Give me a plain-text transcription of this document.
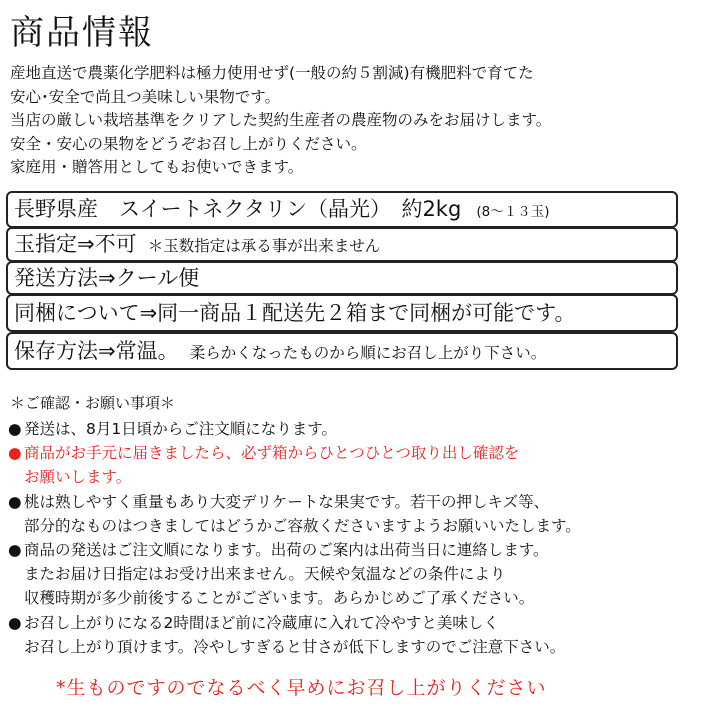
商品情報
産地直送で農薬化学肥料は極力使用せず(一般の約５割減)有機肥料で育てた
安心･安全で尚且つ美味しい果物です。
当店の厳しい栽培基準をクリアした契約生産者の農産物のみをお届けします。
安全・安心の果物をどうぞお召し上がりください。
家庭用・贈答用としてもお使いできます。
長野県産　スイートネクタリン（晶光）　約2kg (8～１３玉)
玉指定⇒不可 ＊玉数指定は承る事が出来ません
発送方法⇒クール便
同梱について⇒同一商品１配送先２箱まで同梱が可能です。
保存方法⇒常温。 柔らかくなったものから順にお召し上がり下さい。
＊ご確認・お願い事項＊
● 発送は、8月1日頃からご注文順になります。
● 商品がお手元に届きましたら、必ず箱からひとつひとつ取り出し確認を
お願いします。
● 桃は熟しやすく重量もあり大変デリケートな果実です。若干の押しキズ等、
部分的なものはつきましてはどうかご容赦くださいますようお願いいたします。
● 商品の発送はご注文順になります。出荷のご案内は出荷当日に連絡します。
またお届け日指定はお受け出来ません。天候や気温などの条件により
収穫時期が多少前後することがございます。あらかじめご了承ください。
● お召し上がりになる2時間ほど前に冷蔵庫に入れて冷やすと美味しく
お召し上がり頂けます。冷やしすぎると甘さが低下しますのでご注意下さい。
*生ものですのでなるべく早めにお召し上がりください
